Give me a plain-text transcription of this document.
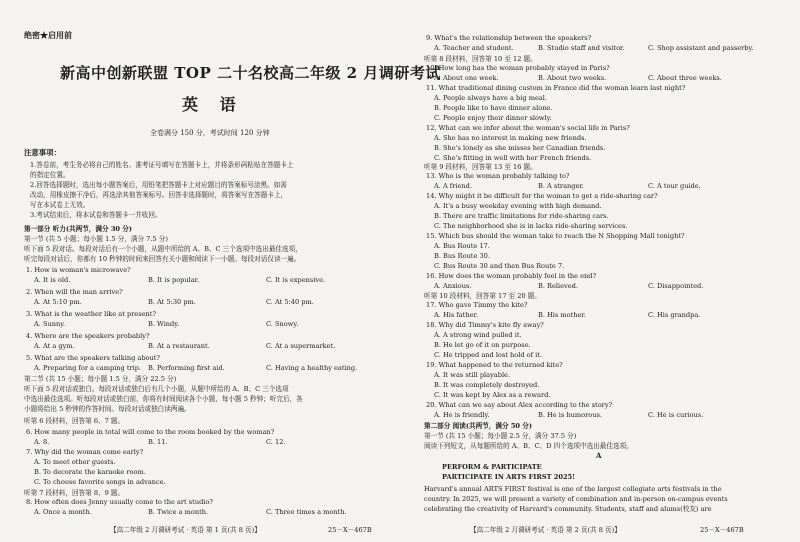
绝密★启用前
新高中创新联盟 TOP 二十名校高二年级 2 月调研考试
英 语
全卷满分 150 分，考试时间 120 分钟
注意事项：
1.答卷前，考生务必将自己的姓名、准考证号填写在答题卡上，并将条形码粘贴在答题卡上
的指定位置。
2.回答选择题时，选出每小题答案后，用铅笔把答题卡上对应题目的答案标号涂黑。如需
改动，用橡皮擦干净后，再选涂其他答案标号。回答非选择题时，将答案写在答题卡上，
写在本试卷上无效。
3.考试结束后，将本试卷和答题卡一并收回。
第一部分 听力(共两节，满分 30 分)
第一节 (共 5 小题；每小题 1.5 分，满分 7.5 分)
听下面 5 段对话。每段对话后有一个小题，从题中所给的 A、B、C 三个选项中选出最佳选项，
听完每段对话后，你都有 10 秒钟的时间来回答有关小题和阅读下一小题。每段对话仅读一遍。
1. How is woman's microwave?
A. It is old.	B. It is popular.	C. It is expensive.
2. When will the man arrive?
A. At 5:10 pm.	B. At 5:30 pm.	C. At 5:40 pm.
3. What is the weather like at present?
A. Sunny.	B. Windy.	C. Snowy.
4. Where are the speakers probably?
A. At a gym.	B. At a restaurant.	C. At a supermarket.
5. What are the speakers talking about?
A. Preparing for a camping trip. B. Performing first aid.	C. Having a healthy eating.
第二节 (共 15 小题；每小题 1.5 分，满分 22.5 分)
听下面 5 段对话或独白。每段对话或独白后有几个小题，从题中所给的 A、B、C 三个选项
中选出最佳选项。听每段对话或独白前，你将有时间阅读各个小题，每小题 5 秒钟；听完后，各
小题将给出 5 秒钟的作答时间。每段对话或独白读两遍。
听第 6 段材料，回答第 6、7 题。
6. How many people in total will come to the room booked by the woman?
A. 8.	B. 11.	C. 12.
7. Why did the woman come early?
A. To meet other guests.
B. To decorate the karaoke room.
C. To choose favorite songs in advance.
听第 7 段材料，回答第 8、9 题。
8. How often does Jenny usually come to the art studio?
A. Once a month.	B. Twice a month.	C. Three times a month.
【高二年级 2 月调研考试 · 英语 第 1 页(共 8 页)】	25－X－467B
9. What's the relationship between the speakers?
A. Teacher and student.	B. Studio staff and visitor.	C. Shop assistant and passerby.
听第 8 段材料，回答第 10 至 12 题。
10. How long has the woman probably stayed in Paris?
A. About one week.	B. About two weeks.	C. About three weeks.
11. What traditional dining custom in France did the woman learn last night?
A. People always have a big meal.
B. People like to have dinner alone.
C. People enjoy their dinner slowly.
12. What can we infer about the woman's social life in Paris?
A. She has no interest in making new friends.
B. She's lonely as she misses her Canadian friends.
C. She's fitting in well with her French friends.
听第 9 段材料，回答第 13 至 16 题。
13. Who is the woman probably talking to?
A. A friend.	B. A stranger.	C. A tour guide.
14. Why might it be difficult for the woman to get a ride-sharing car?
A. It's a busy weekday evening with high demand.
B. There are traffic limitations for ride-sharing cars.
C. The neighborhood she is in lacks ride-sharing services.
15. Which bus should the woman take to reach the N Shopping Mall tonight?
A. Bus Route 17.
B. Bus Route 30.
C. Bus Route 30 and then Bus Route 7.
16. How does the woman probably feel in the end?
A. Anxious.	B. Relieved.	C. Disappointed.
听第 10 段材料，回答第 17 至 20 题。
17. Who gave Timmy the kite?
A. His father.	B. His mother.	C. His grandpa.
18. Why did Timmy's kite fly away?
A. A strong wind pulled it.
B. He let go of it on purpose.
C. He tripped and lost hold of it.
19. What happened to the returned kite?
A. It was still playable.
B. It was completely destroyed.
C. It was kept by Alex as a reward.
20. What can we say about Alex according to the story?
A. He is friendly.	B. He is humorous.	C. He is curious.
第二部分 阅读(共两节，满分 50 分)
第一节 (共 15 小题；每小题 2.5 分，满分 37.5 分)
阅读下列短文，从每题所给的 A、B、C、D 四个选项中选出最佳选项。
A
PERFORM & PARTICIPATE
PARTICIPATE IN ARTS FIRST 2025!
Harvard's annual ARTS FIRST festival is one of the largest collegiate arts festivals in the
country. In 2025, we will present a variety of combination and in-person on-campus events
celebrating the creativity of Harvard's community. Students, staff and alums(校友) are
【高二年级 2 月调研考试 · 英语 第 2 页(共 8 页)】	25－X－467B
